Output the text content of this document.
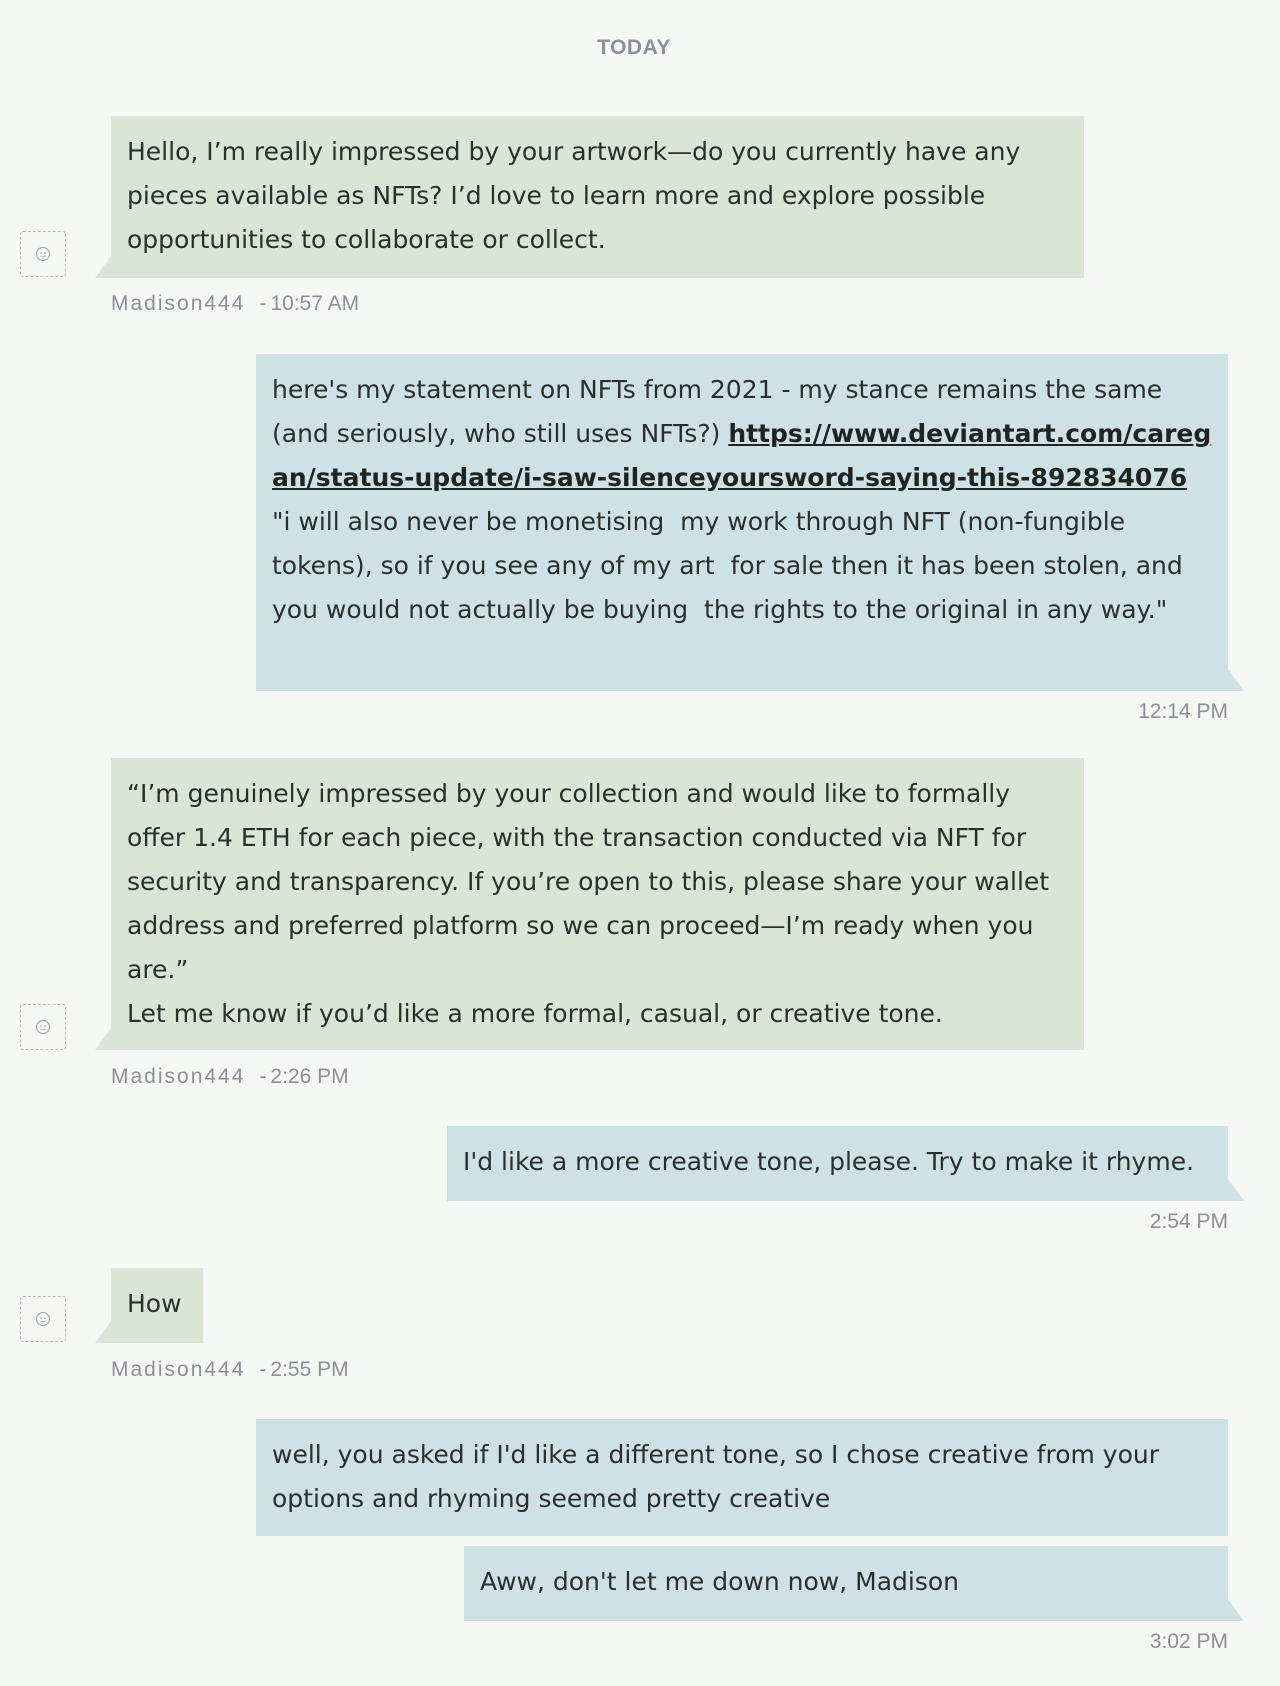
TODAY
Hello, I’m really impressed by your artwork—do you currently have any pieces available as NFTs? I’d love to learn more and explore possible opportunities to collaborate or collect.
Madison444 - 10:57 AM
here's my statement on NFTs from 2021 - my stance remains the same (and seriously, who still uses NFTs?) https://www.deviantart.com/caregan/status-update/i-saw-silenceyoursword-saying-this-892834076 "i will also never be monetising  my work through NFT (non-fungible tokens), so if you see any of my art  for sale then it has been stolen, and you would not actually be buying  the rights to the original in any way."
12:14 PM
“I’m genuinely impressed by your collection and would like to formally offer 1.4 ETH for each piece, with the transaction conducted via NFT for security and transparency. If you’re open to this, please share your wallet address and preferred platform so we can proceed—I’m ready when you are.”
Let me know if you’d like a more formal, casual, or creative tone.
Madison444 - 2:26 PM
I'd like a more creative tone, please. Try to make it rhyme.
2:54 PM
How
Madison444 - 2:55 PM
well, you asked if I'd like a different tone, so I chose creative from your options and rhyming seemed pretty creative
Aww, don't let me down now, Madison
3:02 PM
